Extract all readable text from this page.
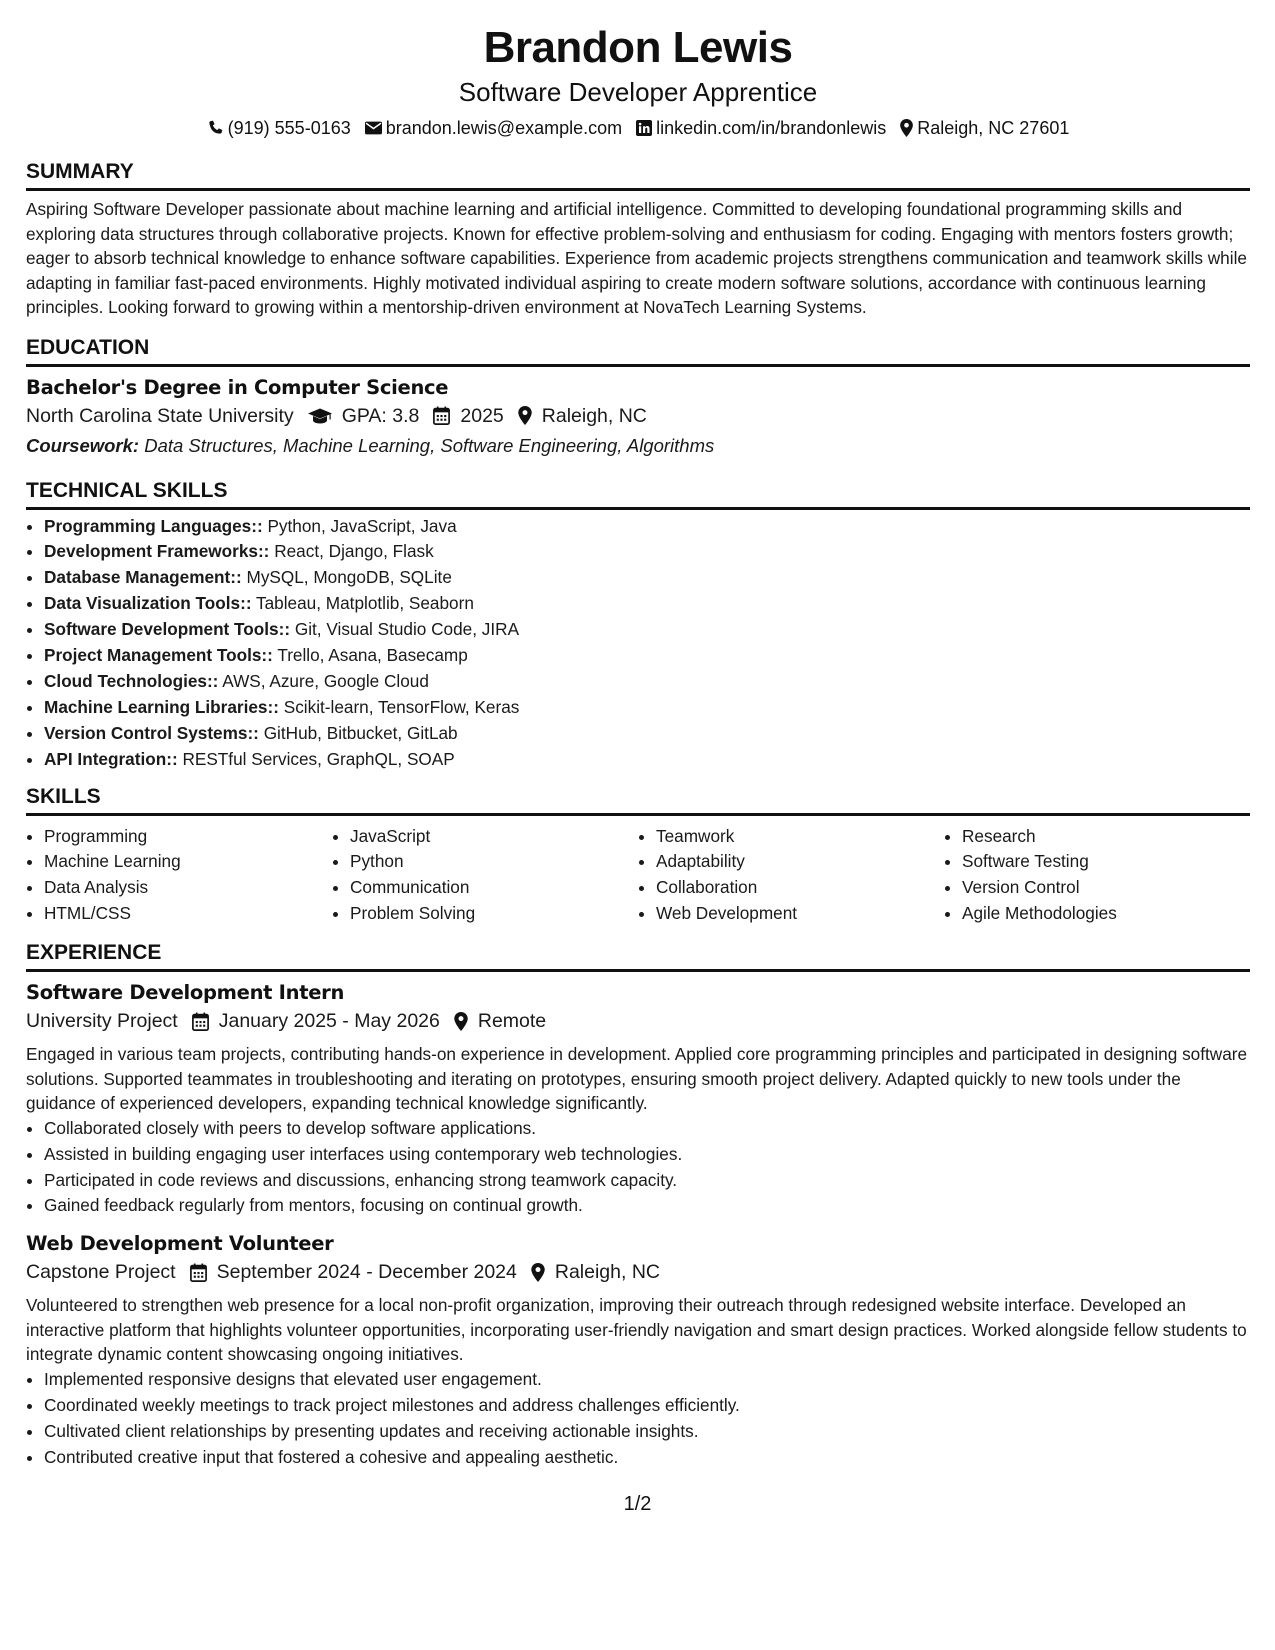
Brandon Lewis
Software Developer Apprentice
(919) 555-0163 brandon.lewis@example.com linkedin.com/in/brandonlewis Raleigh, NC 27601
SUMMARY
Aspiring Software Developer passionate about machine learning and artificial intelligence. Committed to developing foundational programming skills and exploring data structures through collaborative projects. Known for effective problem-solving and enthusiasm for coding. Engaging with mentors fosters growth; eager to absorb technical knowledge to enhance software capabilities. Experience from academic projects strengthens communication and teamwork skills while adapting in familiar fast-paced environments. Highly motivated individual aspiring to create modern software solutions, accordance with continuous learning principles. Looking forward to growing within a mentorship-driven environment at NovaTech Learning Systems.
EDUCATION
Bachelor's Degree in Computer Science
North Carolina State University GPA: 3.8 2025 Raleigh, NC
Coursework: Data Structures, Machine Learning, Software Engineering, Algorithms
TECHNICAL SKILLS
• Programming Languages:: Python, JavaScript, Java
• Development Frameworks:: React, Django, Flask
• Database Management:: MySQL, MongoDB, SQLite
• Data Visualization Tools:: Tableau, Matplotlib, Seaborn
• Software Development Tools:: Git, Visual Studio Code, JIRA
• Project Management Tools:: Trello, Asana, Basecamp
• Cloud Technologies:: AWS, Azure, Google Cloud
• Machine Learning Libraries:: Scikit-learn, TensorFlow, Keras
• Version Control Systems:: GitHub, Bitbucket, GitLab
• API Integration:: RESTful Services, GraphQL, SOAP
SKILLS
• Programming
• Machine Learning
• Data Analysis
• HTML/CSS
• JavaScript
• Python
• Communication
• Problem Solving
• Teamwork
• Adaptability
• Collaboration
• Web Development
• Research
• Software Testing
• Version Control
• Agile Methodologies
EXPERIENCE
Software Development Intern
University Project January 2025 - May 2026 Remote
Engaged in various team projects, contributing hands-on experience in development. Applied core programming principles and participated in designing software solutions. Supported teammates in troubleshooting and iterating on prototypes, ensuring smooth project delivery. Adapted quickly to new tools under the guidance of experienced developers, expanding technical knowledge significantly.
• Collaborated closely with peers to develop software applications.
• Assisted in building engaging user interfaces using contemporary web technologies.
• Participated in code reviews and discussions, enhancing strong teamwork capacity.
• Gained feedback regularly from mentors, focusing on continual growth.
Web Development Volunteer
Capstone Project September 2024 - December 2024 Raleigh, NC
Volunteered to strengthen web presence for a local non-profit organization, improving their outreach through redesigned website interface. Developed an interactive platform that highlights volunteer opportunities, incorporating user-friendly navigation and smart design practices. Worked alongside fellow students to integrate dynamic content showcasing ongoing initiatives.
• Implemented responsive designs that elevated user engagement.
• Coordinated weekly meetings to track project milestones and address challenges efficiently.
• Cultivated client relationships by presenting updates and receiving actionable insights.
• Contributed creative input that fostered a cohesive and appealing aesthetic.
1/2
